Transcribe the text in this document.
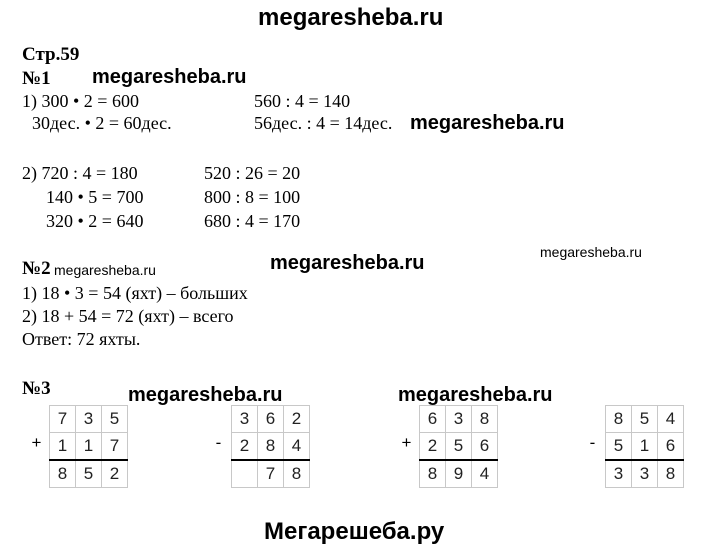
megaresheba.ru
megaresheba.ru
megaresheba.ru
megaresheba.ru
megaresheba.ru
megaresheba.ru	megaresheba.ru
Стр.59
№1
1) 300 • 2 = 600
30дес. • 2 = 60дес.
560 : 4 = 140
56дес. : 4 = 14дес.
2) 720 : 4 = 180
140 • 5 = 700
320 • 2 = 640
520 : 26 = 20
800 : 8 = 100
680 : 4 = 170
№2 megaresheba.ru
1) 18 • 3 = 54 (яхт) – больших
2) 18 + 54 = 72 (яхт) – всего
Ответ: 72 яхты.
№3
	7	3	5
+	1	1	7
	8	5	2
	3	6	2
-	2	8	4
		7	8
	6	3	8
+	2	5	6
	8	9	4
	8	5	4
-	5	1	6
	3	3	8
Мегарешеба.ру
